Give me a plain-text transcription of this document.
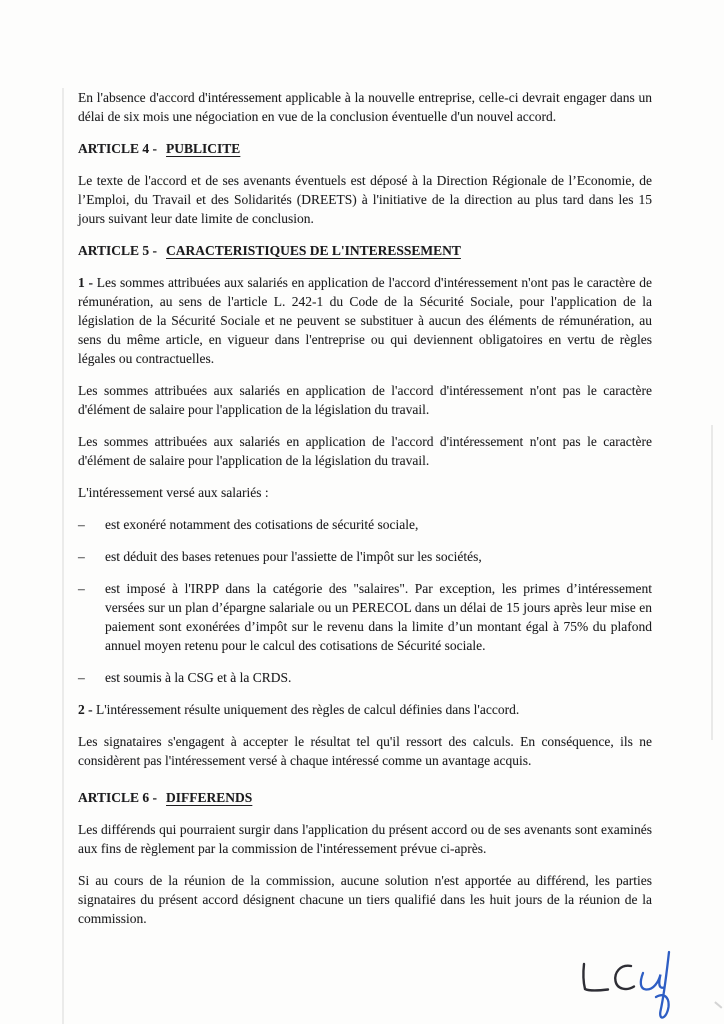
En l'absence d'accord d'intéressement applicable à la nouvelle entreprise, celle-ci devrait engager dans un délai de six mois une négociation en vue de la conclusion éventuelle d'un nouvel accord.

ARTICLE 4 - PUBLICITE

Le texte de l'accord et de ses avenants éventuels est déposé à la Direction Régionale de l’Economie, de l’Emploi, du Travail et des Solidarités (DREETS) à l'initiative de la direction au plus tard dans les 15 jours suivant leur date limite de conclusion.

ARTICLE 5 - CARACTERISTIQUES DE L'INTERESSEMENT

1 - Les sommes attribuées aux salariés en application de l'accord d'intéressement n'ont pas le caractère de rémunération, au sens de l'article L. 242-1 du Code de la Sécurité Sociale, pour l'application de la législation de la Sécurité Sociale et ne peuvent se substituer à aucun des éléments de rémunération, au sens du même article, en vigueur dans l'entreprise ou qui deviennent obligatoires en vertu de règles légales ou contractuelles.

Les sommes attribuées aux salariés en application de l'accord d'intéressement n'ont pas le caractère d'élément de salaire pour l'application de la législation du travail.

Les sommes attribuées aux salariés en application de l'accord d'intéressement n'ont pas le caractère d'élément de salaire pour l'application de la législation du travail.

L'intéressement versé aux salariés :

–	est exonéré notamment des cotisations de sécurité sociale,
–	est déduit des bases retenues pour l'assiette de l'impôt sur les sociétés,
–	est imposé à l'IRPP dans la catégorie des "salaires". Par exception, les primes d’intéressement versées sur un plan d’épargne salariale ou un PERECOL dans un délai de 15 jours après leur mise en paiement sont exonérées d’impôt sur le revenu dans la limite d’un montant égal à 75% du plafond annuel moyen retenu pour le calcul des cotisations de Sécurité sociale.
–	est soumis à la CSG et à la CRDS.

2 - L'intéressement résulte uniquement des règles de calcul définies dans l'accord.

Les signataires s'engagent à accepter le résultat tel qu'il ressort des calculs. En conséquence, ils ne considèrent pas l'intéressement versé à chaque intéressé comme un avantage acquis.

ARTICLE 6 - DIFFERENDS

Les différends qui pourraient surgir dans l'application du présent accord ou de ses avenants sont examinés aux fins de règlement par la commission de l'intéressement prévue ci-après.

Si au cours de la réunion de la commission, aucune solution n'est apportée au différend, les parties signataires du présent accord désignent chacune un tiers qualifié dans les huit jours de la réunion de la commission.
